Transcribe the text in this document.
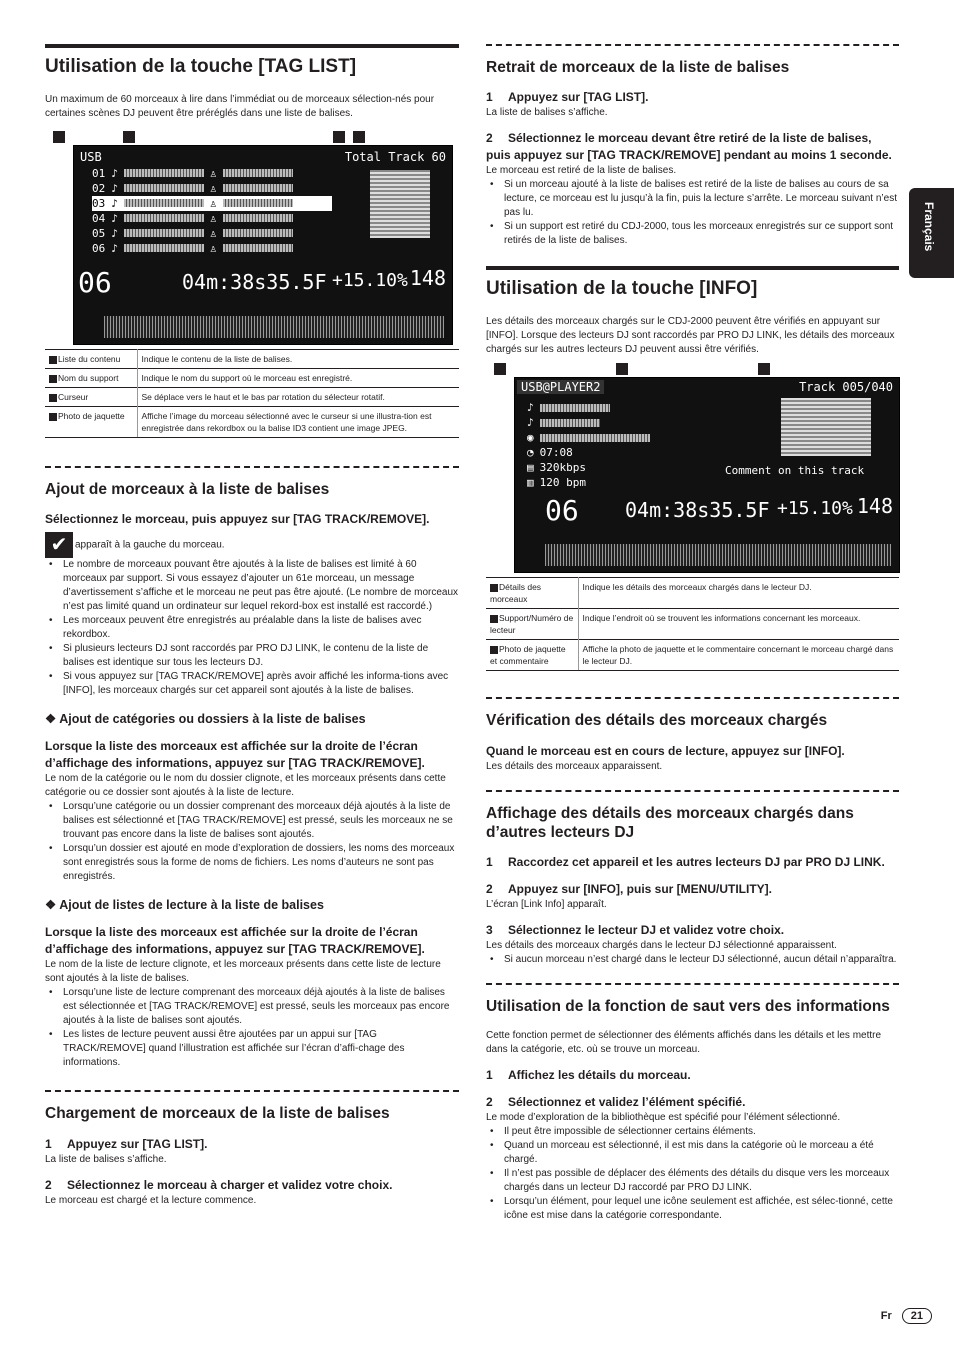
Français
Utilisation de la touche [TAG LIST]

Un maximum de 60 morceaux à lire dans l’immédiat ou de morceaux sélection-nés pour certaines scènes DJ peuvent être préréglés dans une liste de balises.

USB	Total Track 60
01 ♪	♙
02 ♪	♙
03 ♪	♙
04 ♪	♙
05 ♪	♙
06 ♪	♙
06	04m:38s35.5F +15.10% 148
Liste du contenu	Indique le contenu de la liste de balises.
Nom du support	Indique le nom du support où le morceau est enregistré.
Curseur	Se déplace vers le haut et le bas par rotation du sélecteur rotatif.
Photo de jaquette	Affiche l’image du morceau sélectionné avec le curseur si une illustra-tion est enregistrée dans rekordbox ou la balise ID3 contient une image JPEG.
Ajout de morceaux à la liste de balises

Sélectionnez le morceau, puis appuyez sur [TAG TRACK/REMOVE].

✔ apparaît à la gauche du morceau.

• Le nombre de morceaux pouvant être ajoutés à la liste de balises est limité à 60 morceaux par support. Si vous essayez d’ajouter un 61e morceau, un message d’avertissement s’affiche et le morceau ne peut pas être ajouté. (Le nombre de morceaux n’est pas limité quand un ordinateur sur lequel rekord-box est installé est raccordé.)
• Les morceaux peuvent être enregistrés au préalable dans la liste de balises avec rekordbox.
• Si plusieurs lecteurs DJ sont raccordés par PRO DJ LINK, le contenu de la liste de balises est identique sur tous les lecteurs DJ.
• Si vous appuyez sur [TAG TRACK/REMOVE] après avoir affiché les informa-tions avec [INFO], les morceaux chargés sur cet appareil sont ajoutés à la liste de balises.

❖ Ajout de catégories ou dossiers à la liste de balises

Lorsque la liste des morceaux est affichée sur la droite de l’écran d’affichage des informations, appuyez sur [TAG TRACK/REMOVE].

Le nom de la catégorie ou le nom du dossier clignote, et les morceaux présents dans cette catégorie ou ce dossier sont ajoutés à la liste de lecture.

• Lorsqu’une catégorie ou un dossier comprenant des morceaux déjà ajoutés à la liste de balises est sélectionné et [TAG TRACK/REMOVE] est pressé, seuls les morceaux ne se trouvant pas encore dans la liste de balises sont ajoutés.
• Lorsqu’un dossier est ajouté en mode d’exploration de dossiers, les noms des morceaux sont enregistrés sous la forme de noms de fichiers. Les noms d’auteurs ne sont pas enregistrés.

❖ Ajout de listes de lecture à la liste de balises

Lorsque la liste des morceaux est affichée sur la droite de l’écran d’affichage des informations, appuyez sur [TAG TRACK/REMOVE].

Le nom de la liste de lecture clignote, et les morceaux présents dans cette liste de lecture sont ajoutés à la liste de balises.

• Lorsqu’une liste de lecture comprenant des morceaux déjà ajoutés à la liste de balises est sélectionnée et [TAG TRACK/REMOVE] est pressé, seuls les morceaux pas encore ajoutés à la liste de balises sont ajoutés.
• Les listes de lecture peuvent aussi être ajoutées par un appui sur [TAG TRACK/REMOVE] quand l’illustration est affichée sur l’écran d’affi-chage des informations.
Chargement de morceaux de la liste de balises

1 Appuyez sur [TAG LIST].

La liste de balises s’affiche.

2 Sélectionnez le morceau à charger et validez votre choix.

Le morceau est chargé et la lecture commence.

Retrait de morceaux de la liste de balises

1 Appuyez sur [TAG LIST].

La liste de balises s’affiche.

2 Sélectionnez le morceau devant être retiré de la liste de balises, puis appuyez sur [TAG TRACK/REMOVE] pendant au moins 1 seconde.

Le morceau est retiré de la liste de balises.

• Si un morceau ajouté à la liste de balises est retiré de la liste de balises au cours de sa lecture, ce morceau est lu jusqu’à la fin, puis la lecture s’arrête. Le morceau suivant n’est pas lu.
• Si un support est retiré du CDJ-2000, tous les morceaux enregistrés sur ce support sont retirés de la liste de balises.
Utilisation de la touche [INFO]

Les détails des morceaux chargés sur le CDJ-2000 peuvent être vérifiés en appuyant sur [INFO]. Lorsque des lecteurs DJ sont raccordés par PRO DJ LINK, les détails des morceaux chargés sur les autres lecteurs DJ peuvent aussi être vérifiés.

USB@PLAYER2	Track 005/040
♪
♪
◉
◔ 07:08
▤ 320kbps
▥ 120 bpm
Comment on this track
06 04m:38s35.5F +15.10% 148
Détails des morceaux	Indique les détails des morceaux chargés dans le lecteur DJ.
Support/Numéro de lecteur	Indique l’endroit où se trouvent les informations concernant les morceaux.
Photo de jaquette et commentaire	Affiche la photo de jaquette et le commentaire concernant le morceau chargé dans le lecteur DJ.
Vérification des détails des morceaux chargés

Quand le morceau est en cours de lecture, appuyez sur [INFO].

Les détails des morceaux apparaissent.

Affichage des détails des morceaux chargés dans d’autres lecteurs DJ

1 Raccordez cet appareil et les autres lecteurs DJ par PRO DJ LINK.

2 Appuyez sur [INFO], puis sur [MENU/UTILITY].

L’écran [Link Info] apparaît.

3 Sélectionnez le lecteur DJ et validez votre choix.

Les détails des morceaux chargés dans le lecteur DJ sélectionné apparaissent.

• Si aucun morceau n’est chargé dans le lecteur DJ sélectionné, aucun détail n’apparaîtra.
Utilisation de la fonction de saut vers des informations

Cette fonction permet de sélectionner des éléments affichés dans les détails et les mettre dans la catégorie, etc. où se trouve un morceau.

1 Affichez les détails du morceau.

2 Sélectionnez et validez l’élément spécifié.

Le mode d’exploration de la bibliothèque est spécifié pour l’élément sélectionné.

• Il peut être impossible de sélectionner certains éléments.
• Quand un morceau est sélectionné, il est mis dans la catégorie où le morceau a été chargé.
• Il n’est pas possible de déplacer des éléments des détails du disque vers les morceaux chargés dans un lecteur DJ raccordé par PRO DJ LINK.
• Lorsqu’un élément, pour lequel une icône seulement est affichée, est sélec-tionné, cette icône est mise dans la catégorie correspondante.
Fr 21
